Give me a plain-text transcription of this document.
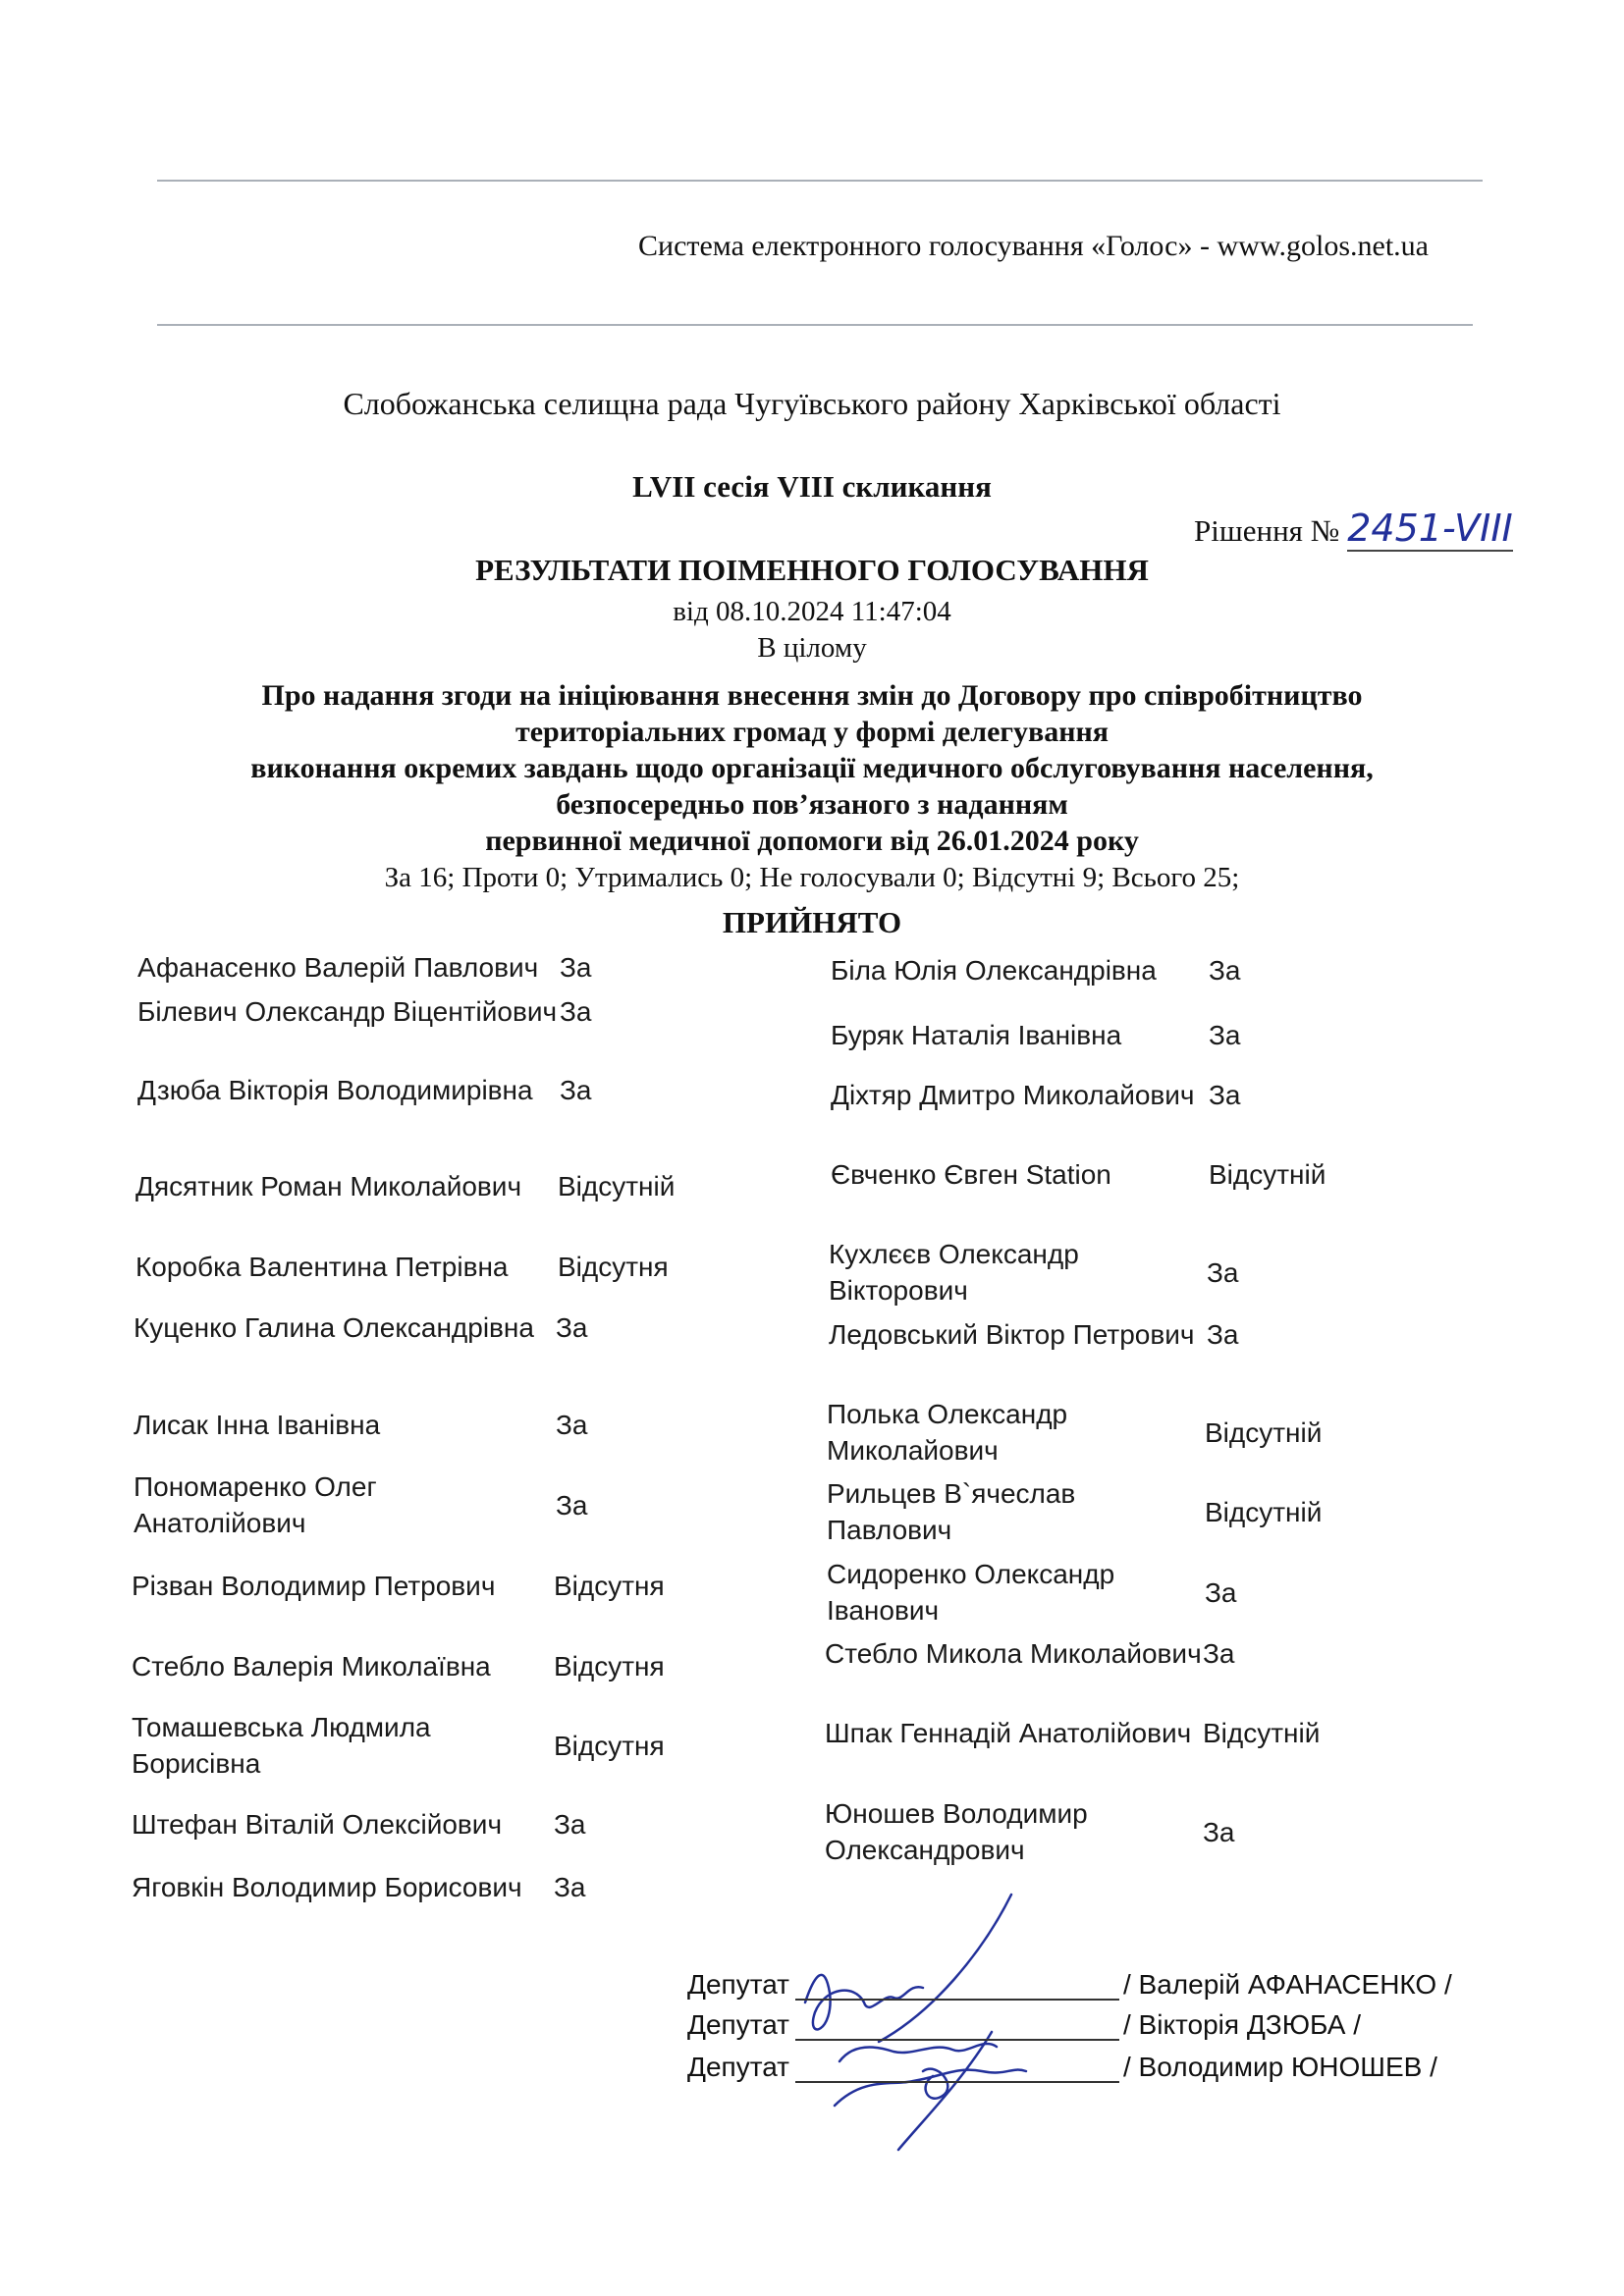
Система електронного голосування «Голос» - www.golos.net.ua
Слобожанська селищна рада Чугуївського району Харківської області
LVII сесія VIII скликання
Рішення № 2451-VIII
РЕЗУЛЬТАТИ ПОІМЕННОГО ГОЛОСУВАННЯ
від 08.10.2024 11:47:04
В цілому
Про надання згоди на ініціювання внесення змін до Договору про співробітництво
територіальних громад у формі делегування
виконання окремих завдань щодо організації медичного обслуговування населення,
безпосередньо пов’язаного з наданням
первинної медичної допомоги від 26.01.2024 року
За 16; Проти 0; Утримались 0; Не голосували 0; Відсутні 9; Всього 25;
ПРИЙНЯТО
Афанасенко Валерій Павлович За
Білевич Олександр Віцентійович За
Дзюба Вікторія Володимирівна За
Дясятник Роман Миколайович	Відсутній
Коробка Валентина Петрівна	Відсутня
Куценко Галина Олександрівна За
Лисак Інна Іванівна	За
Пономаренко Олег Анатолійович
За
Різван Володимир Петрович	Відсутня
Стебло Валерія Миколаївна	Відсутня
Томашевська Людмила Борисівна
Відсутня
Штефан Віталій Олексійович	За
Яговкін Володимир Борисович	За
Біла Юлія Олександрівна	За
Буряк Наталія Іванівна	За
Діхтяр Дмитро Миколайович За
Євченко Євген Station	Відсутній
Кухлєєв Олександр Вікторович
За
Ледовський Віктор Петрович За
Полька Олександр Миколайович
Відсутній
Рильцев В`ячеслав Павлович
Відсутній
Сидоренко Олександр Іванович
За
Стебло Микола Миколайович За
Шпак Геннадій Анатолійович Відсутній
Юношев Володимир Олександрович
За
Депутат	/ Валерій АФАНАСЕНКО /
Депутат	/ Вікторія ДЗЮБА /
Депутат	/ Володимир ЮНОШЕВ /
